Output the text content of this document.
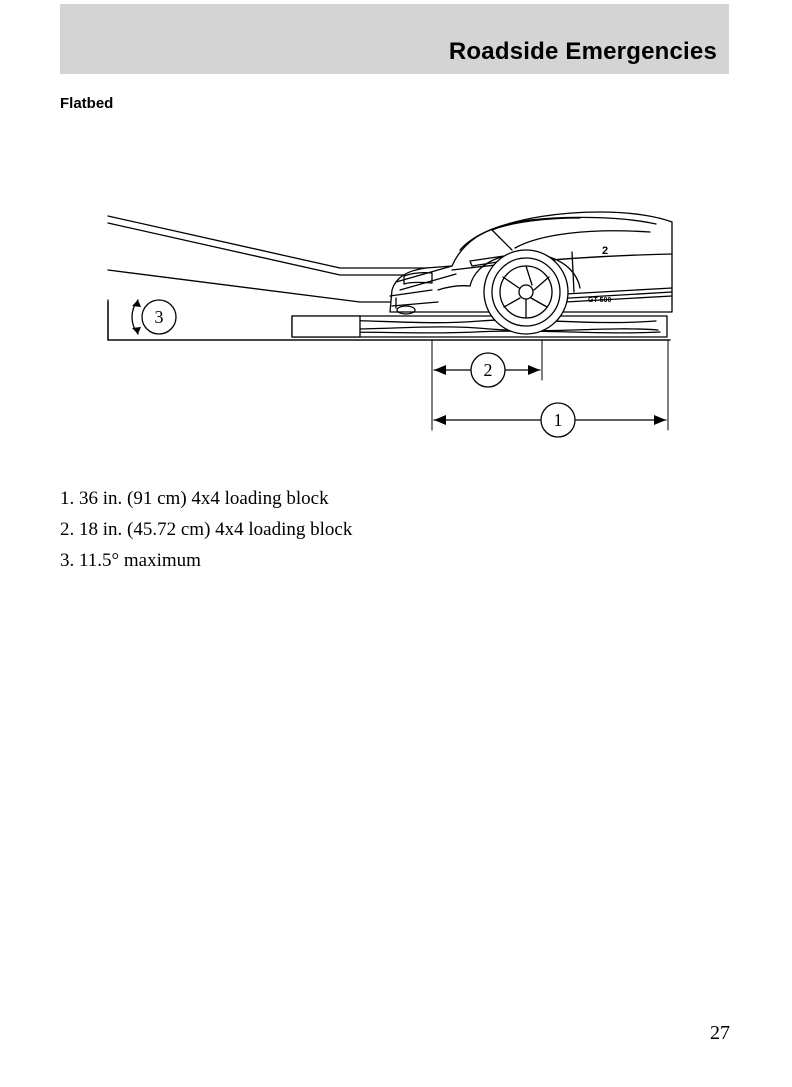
Roadside Emergencies
Flatbed
GT 500
2
3
2
1
1. 36 in. (91 cm) 4x4 loading block
2. 18 in. (45.72 cm) 4x4 loading block
3. 11.5° maximum
27
